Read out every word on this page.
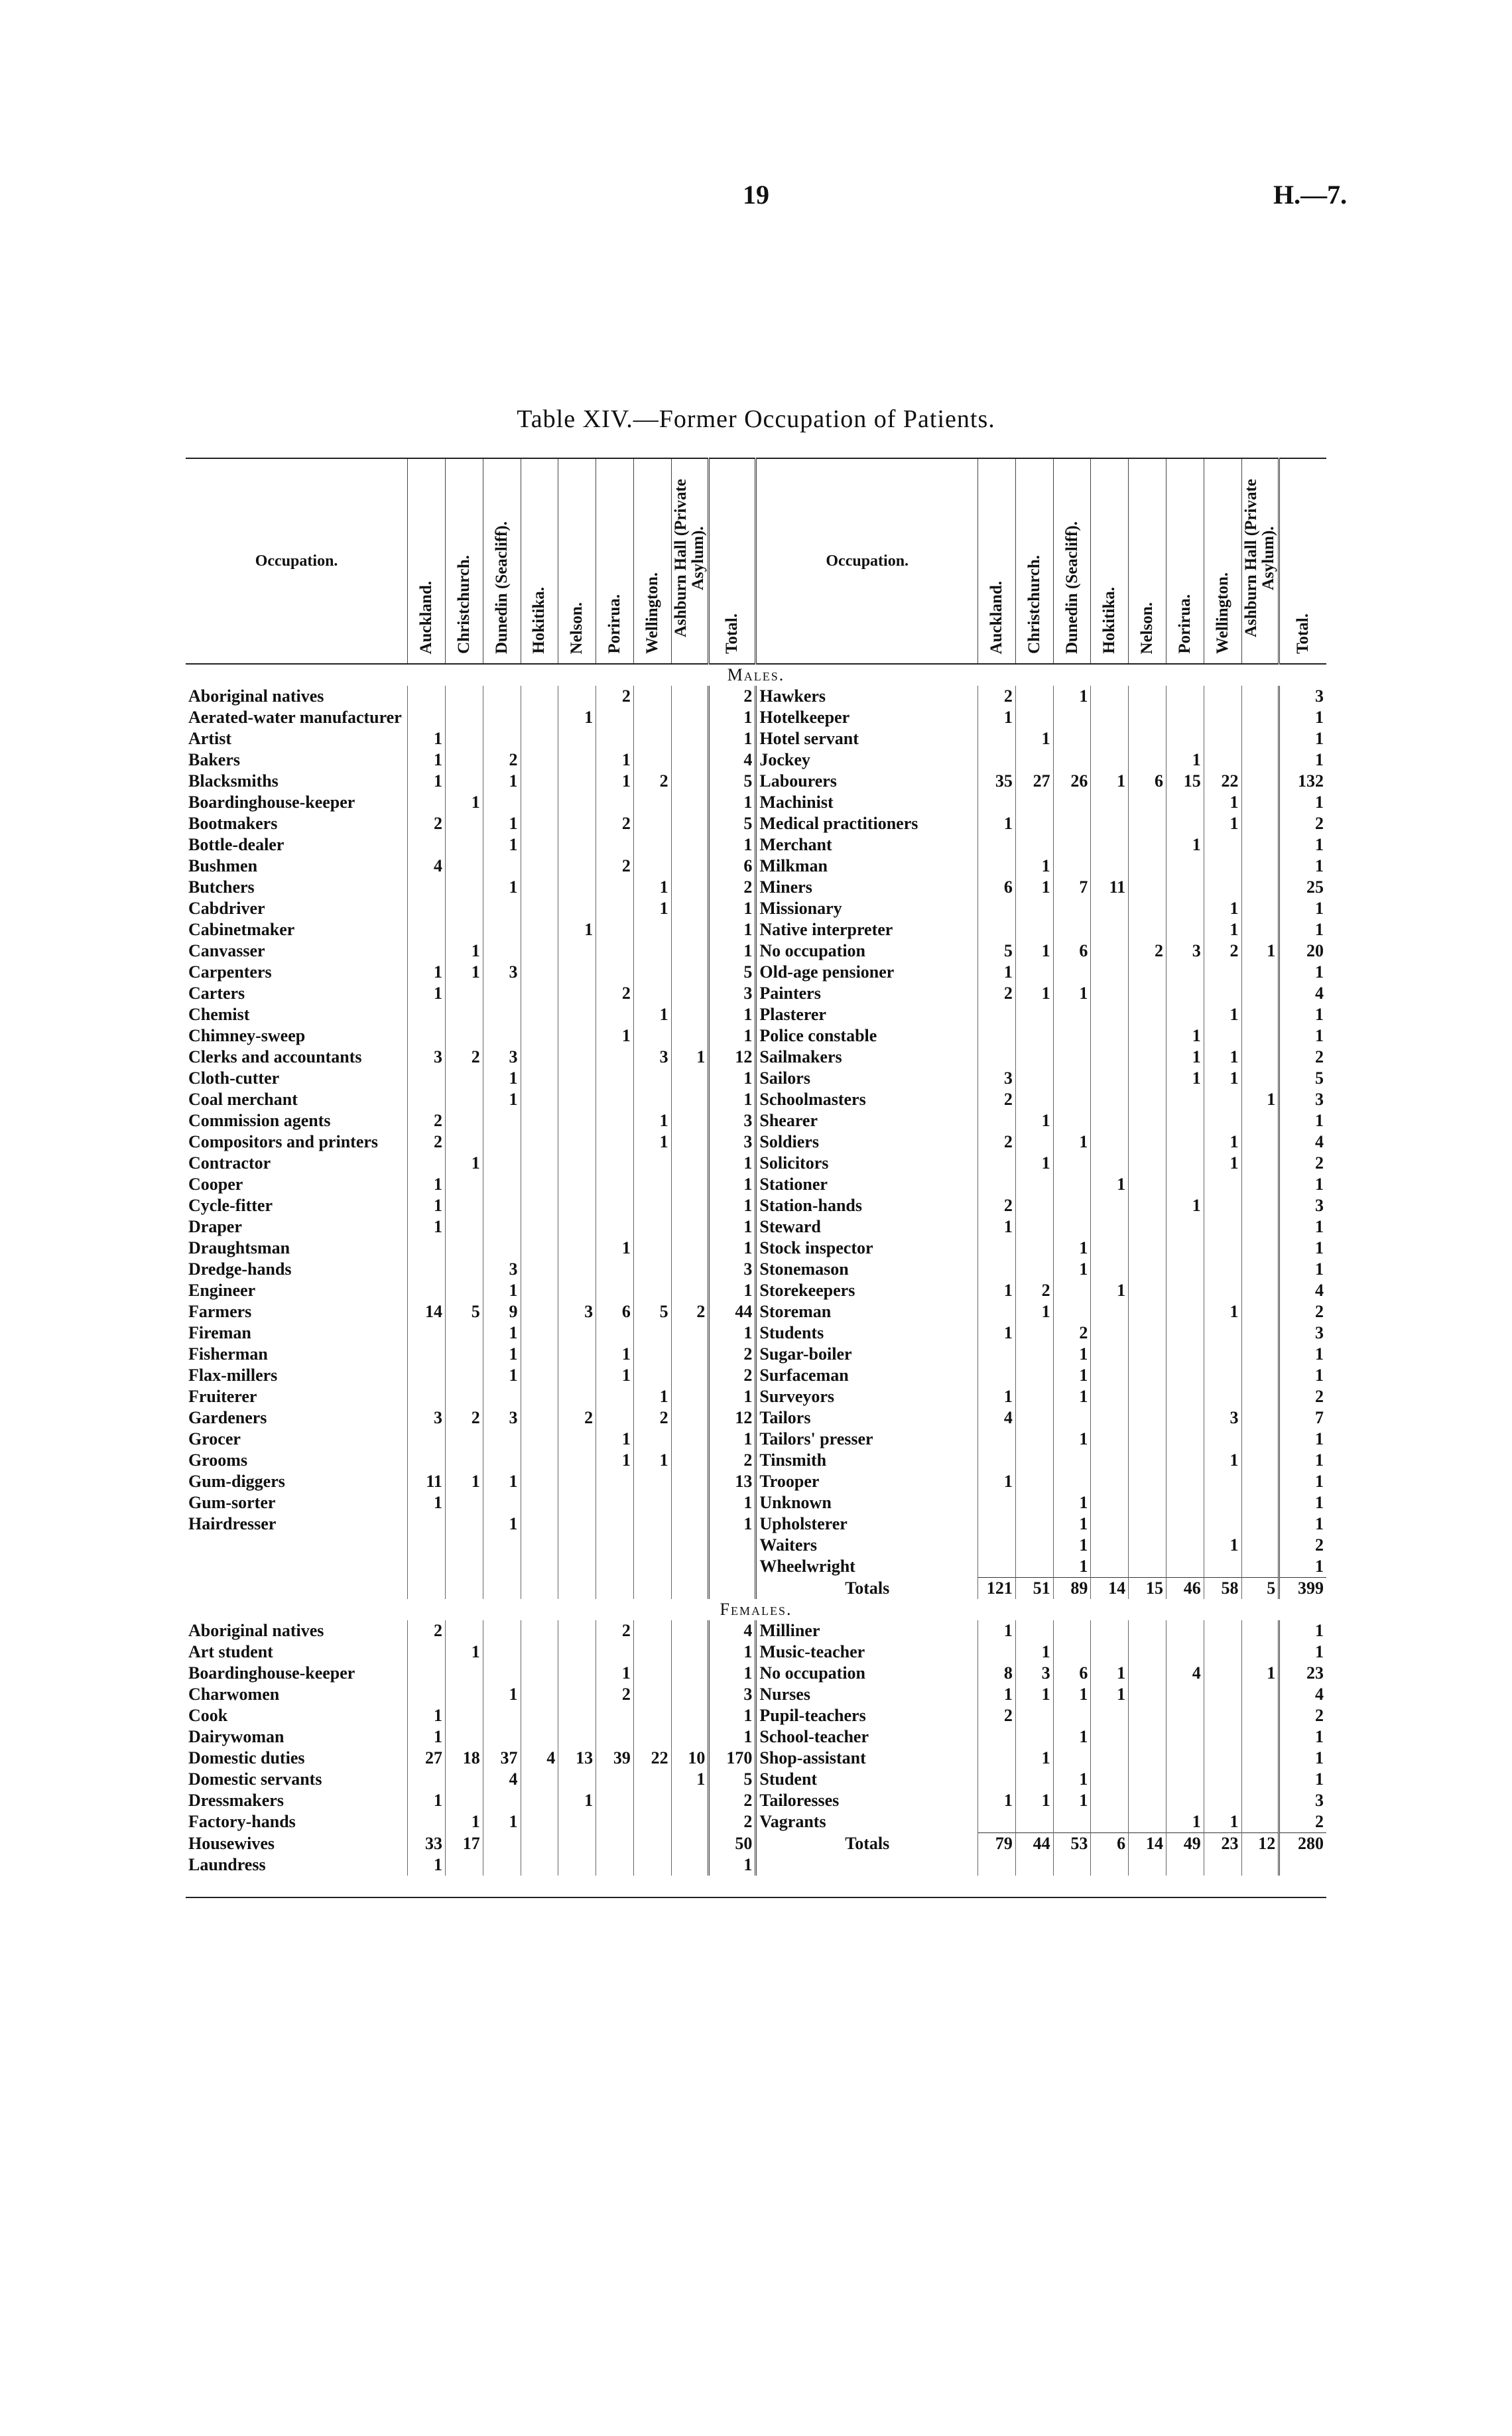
19	H.—7.
Table XIV.—Former Occupation of Patients.
Occupation.	Auckland.	Christchurch.	Dunedin (Seacliff).	Hokitika.	Nelson.	Porirua.	Wellington.	Ashburn Hall (Private Asylum).	Total.	Occupation.	Auckland.	Christchurch.	Dunedin (Seacliff).	Hokitika.	Nelson.	Porirua.	Wellington.	Ashburn Hall (Private Asylum).	Total.
Males.																			
Aboriginal natives						2			2	Hawkers	2		1						3
Aerated-water manufacturer					1				1	Hotelkeeper	1								1
Artist	1								1	Hotel servant		1							1
Bakers	1		2			1			4	Jockey						1			1
Blacksmiths	1		1			1	2		5	Labourers	35	27	26	1	6	15	22		132
Boardinghouse-keeper		1							1	Machinist							1		1
Bootmakers	2		1			2			5	Medical practitioners	1						1		2
Bottle-dealer			1						1	Merchant						1			1
Bushmen	4					2			6	Milkman		1							1
Butchers			1				1		2	Miners	6	1	7	11					25
Cabdriver							1		1	Missionary							1		1
Cabinetmaker					1				1	Native interpreter							1		1
Canvasser		1							1	No occupation	5	1	6		2	3	2	1	20
Carpenters	1	1	3						5	Old-age pensioner	1								1
Carters	1					2			3	Painters	2	1	1						4
Chemist							1		1	Plasterer							1		1
Chimney-sweep						1			1	Police constable						1			1
Clerks and accountants	3	2	3				3	1	12	Sailmakers						1	1		2
Cloth-cutter			1						1	Sailors	3					1	1		5
Coal merchant			1						1	Schoolmasters	2							1	3
Commission agents	2						1		3	Shearer		1							1
Compositors and printers	2						1		3	Soldiers	2		1				1		4
Contractor		1							1	Solicitors		1					1		2
Cooper	1								1	Stationer				1					1
Cycle-fitter	1								1	Station-hands	2					1			3
Draper	1								1	Steward	1								1
Draughtsman						1			1	Stock inspector			1						1
Dredge-hands			3						3	Stonemason			1						1
Engineer			1						1	Storekeepers	1	2		1					4
Farmers	14	5	9		3	6	5	2	44	Storeman		1					1		2
Fireman			1						1	Students	1		2						3
Fisherman			1			1			2	Sugar-boiler			1						1
Flax-millers			1			1			2	Surfaceman			1						1
Fruiterer							1		1	Surveyors	1		1						2
Gardeners	3	2	3		2		2		12	Tailors	4						3		7
Grocer						1			1	Tailors' presser			1						1
Grooms						1	1		2	Tinsmith							1		1
Gum-diggers	11	1	1						13	Trooper	1								1
Gum-sorter	1								1	Unknown			1						1
Hairdresser			1						1	Upholsterer			1						1
										Waiters			1				1		2
										Wheelwright			1						1
										Totals	121	51	89	14	15	46	58	5	399
Females.																			
Aboriginal natives	2					2			4	Milliner	1								1
Art student		1							1	Music-teacher		1							1
Boardinghouse-keeper						1			1	No occupation	8	3	6	1		4		1	23
Charwomen			1			2			3	Nurses	1	1	1	1					4
Cook	1								1	Pupil-teachers	2								2
Dairywoman	1								1	School-teacher			1						1
Domestic duties	27	18	37	4	13	39	22	10	170	Shop-assistant		1							1
Domestic servants			4					1	5	Student			1						1
Dressmakers	1				1				2	Tailoresses	1	1	1						3
Factory-hands		1	1						2	Vagrants						1	1		2
Housewives	33	17							50	Totals	79	44	53	6	14	49	23	12	280
Laundress	1								1										
